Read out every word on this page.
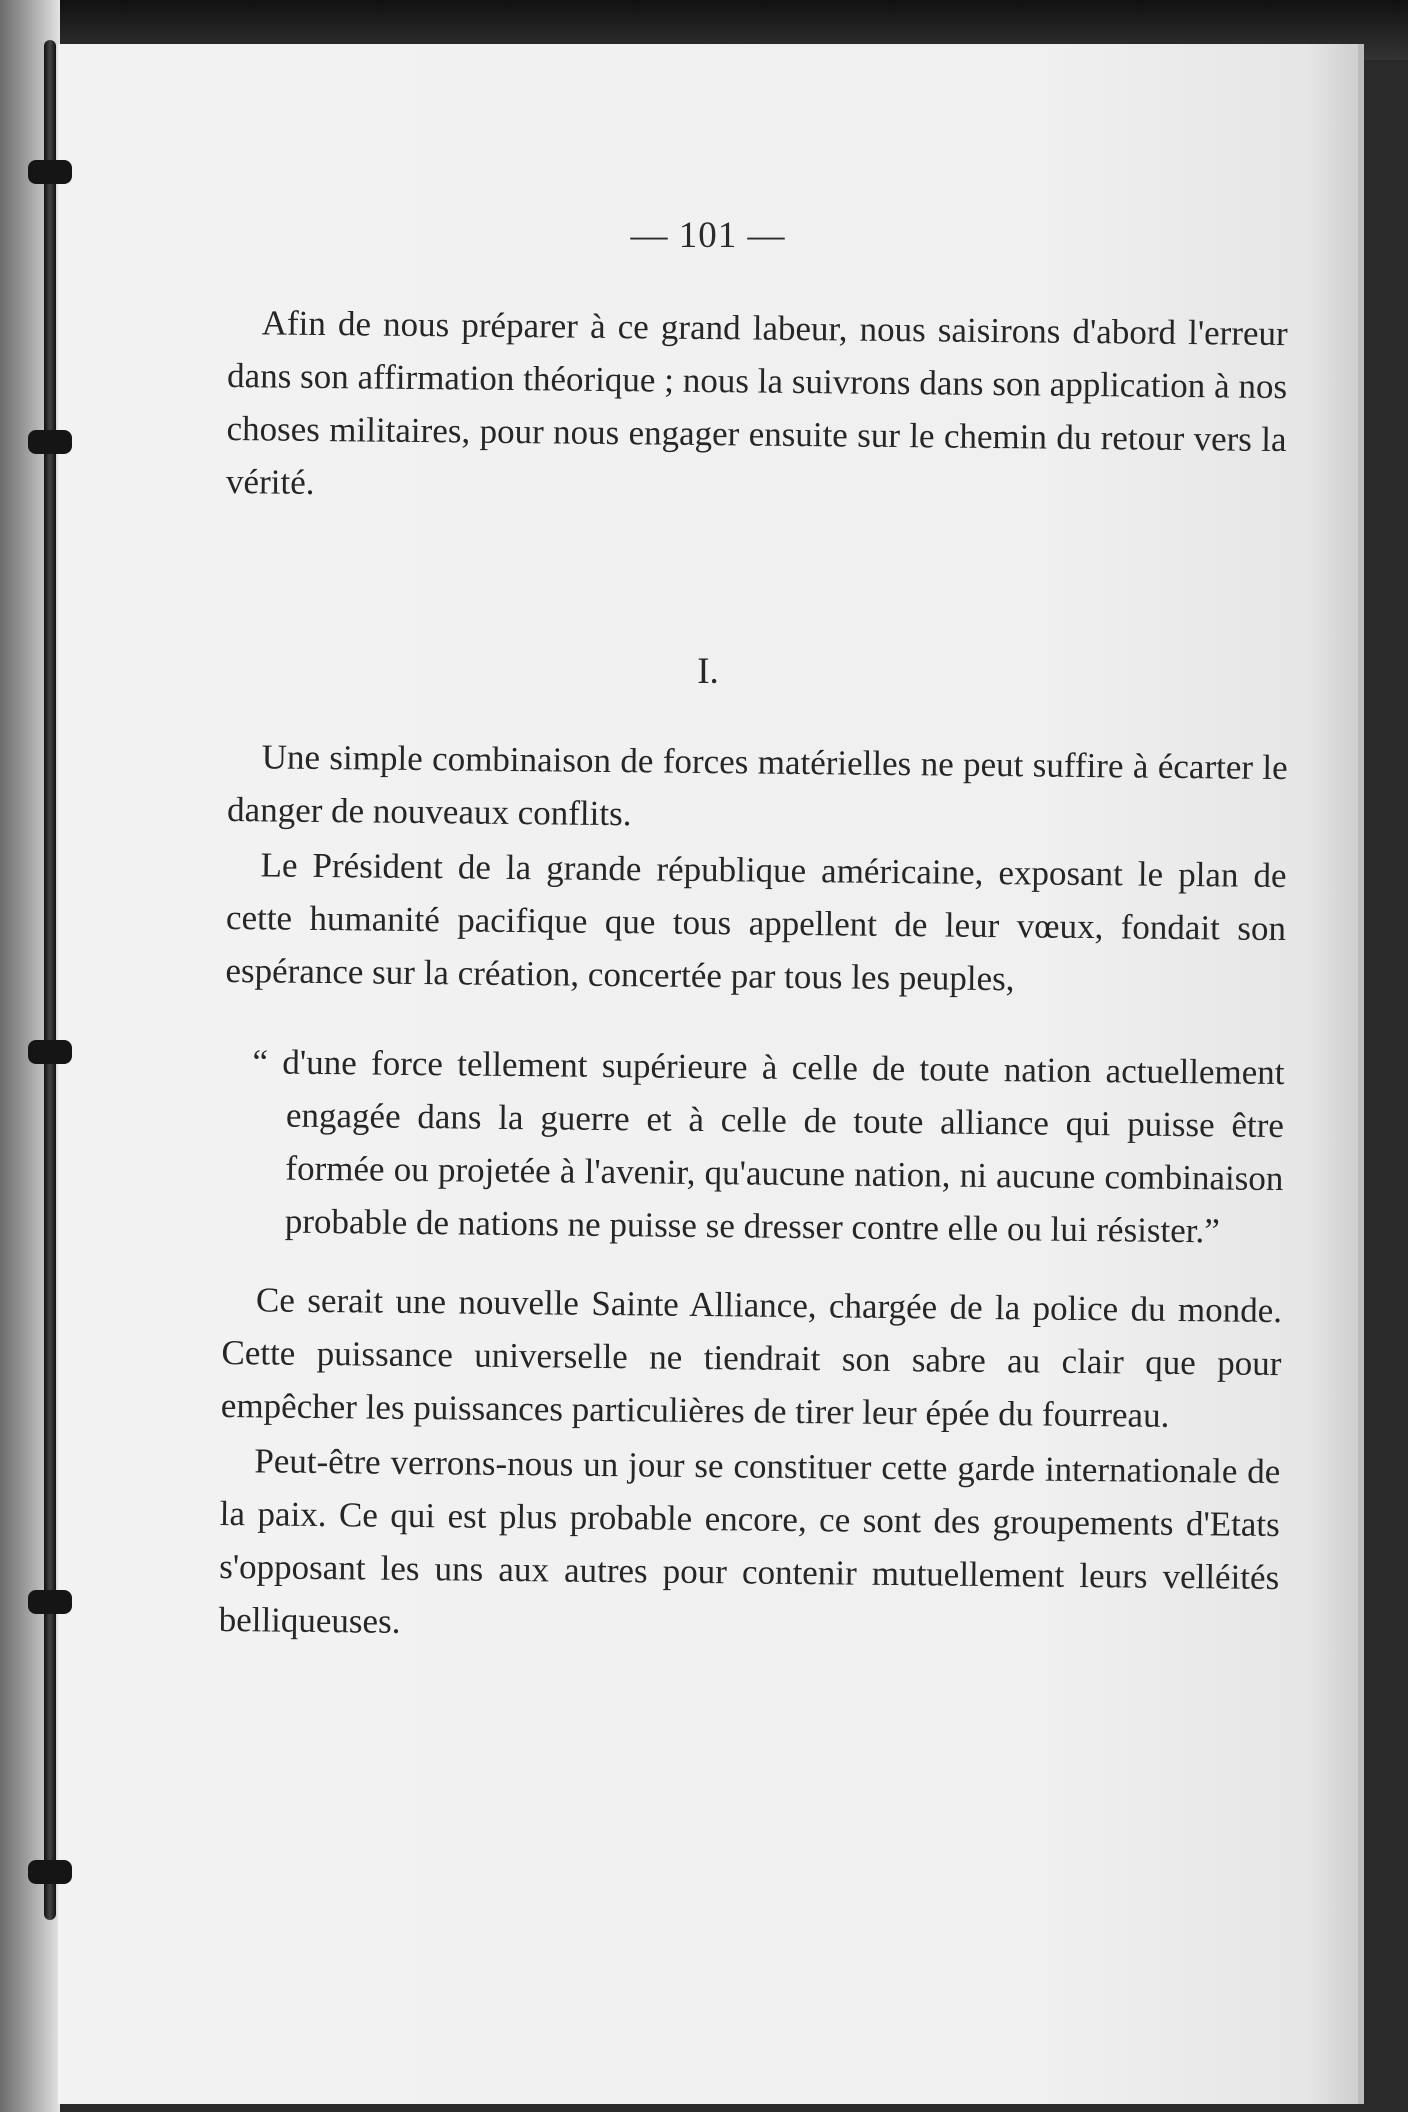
— 101 —

Afin de nous préparer à ce grand labeur, nous saisirons d'abord l'erreur dans son affirmation théorique ; nous la suivrons dans son application à nos choses militaires, pour nous engager ensuite sur le chemin du retour vers la vérité.

I.

Une simple combinaison de forces matérielles ne peut suffire à écarter le danger de nouveaux conflits.

Le Président de la grande république américaine, exposant le plan de cette humanité pacifique que tous appellent de leur vœux, fondait son espérance sur la création, concertée par tous les peuples,

“ d'une force tellement supérieure à celle de toute nation actuellement engagée dans la guerre et à celle de toute alliance qui puisse être formée ou projetée à l'avenir, qu'aucune nation, ni aucune combinaison probable de nations ne puisse se dresser contre elle ou lui résister.”

Ce serait une nouvelle Sainte Alliance, chargée de la police du monde. Cette puissance universelle ne tiendrait son sabre au clair que pour empêcher les puissances particulières de tirer leur épée du fourreau.

Peut-être verrons-nous un jour se constituer cette garde internationale de la paix. Ce qui est plus probable encore, ce sont des groupements d'Etats s'opposant les uns aux autres pour contenir mutuellement leurs velléités belliqueuses.
